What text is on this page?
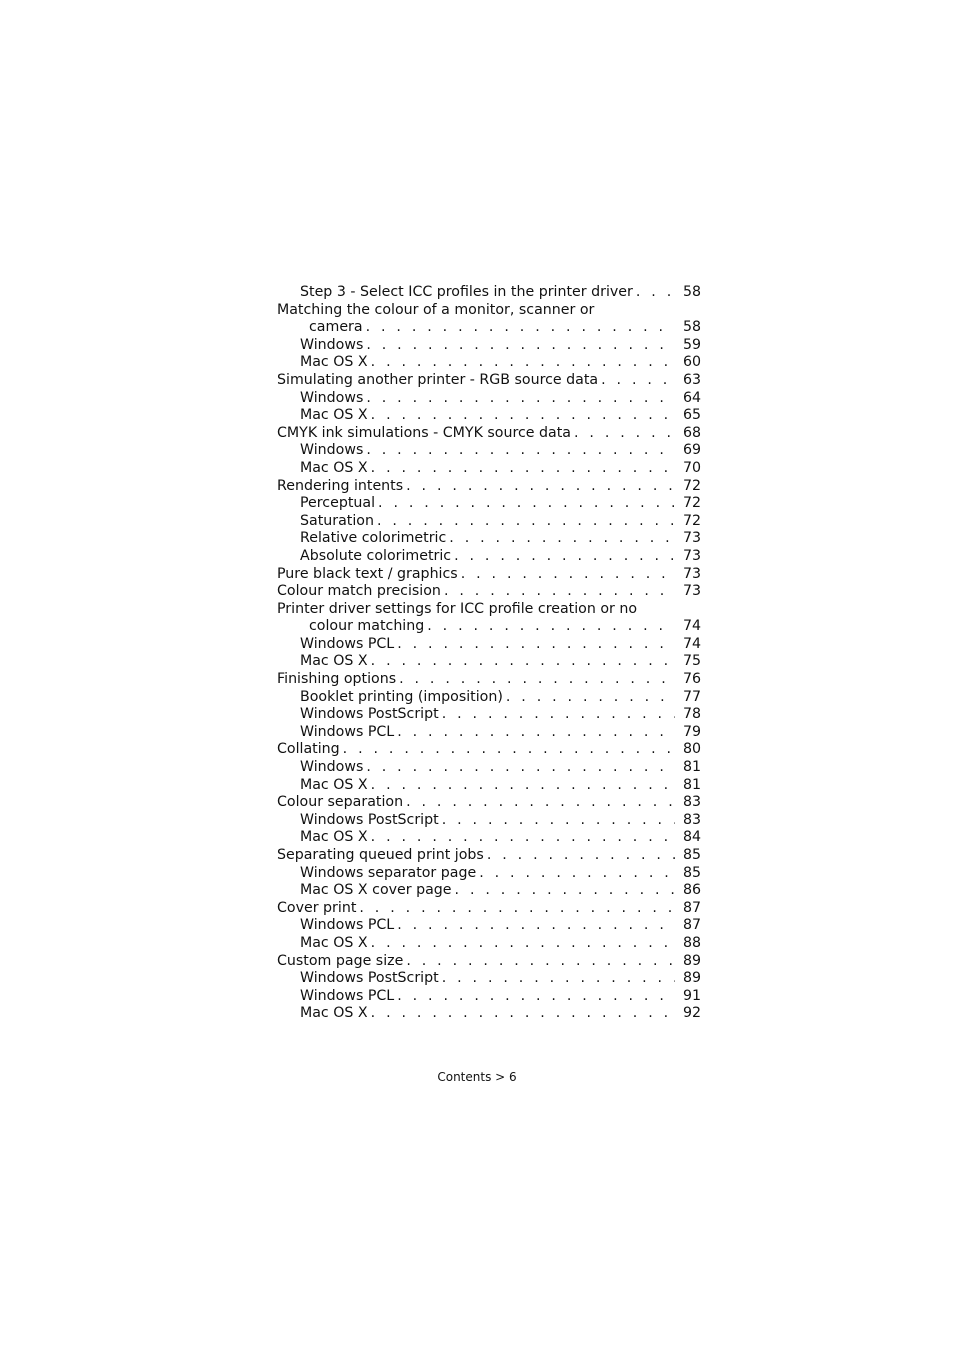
Step 3 - Select ICC profiles in the printer driver . . .	58
Matching the colour of a monitor, scanner or
camera . . .	58
Windows . . .	59
Mac OS X . . .	60
Simulating another printer - RGB source data . . .	63
Windows . . .	64
Mac OS X . . .	65
CMYK ink simulations - CMYK source data . . .	68
Windows . . .	69
Mac OS X . . .	70
Rendering intents . . .	72
Perceptual . . .	72
Saturation . . .	72
Relative colorimetric . . .	73
Absolute colorimetric . . .	73
Pure black text / graphics . . .	73
Colour match precision . . .	73
Printer driver settings for ICC profile creation or no
colour matching . . .	74
Windows PCL . . .	74
Mac OS X . . .	75
Finishing options . . .	76
Booklet printing (imposition) . . .	77
Windows PostScript . . .	78
Windows PCL . . .	79
Collating . . .	80
Windows . . .	81
Mac OS X . . .	81
Colour separation . . .	83
Windows PostScript . . .	83
Mac OS X . . .	84
Separating queued print jobs . . .	85
Windows separator page . . .	85
Mac OS X cover page . . .	86
Cover print . . .	87
Windows PCL . . .	87
Mac OS X . . .	88
Custom page size . . .	89
Windows PostScript . . .	89
Windows PCL . . .	91
Mac OS X . . .	92
Contents > 6
